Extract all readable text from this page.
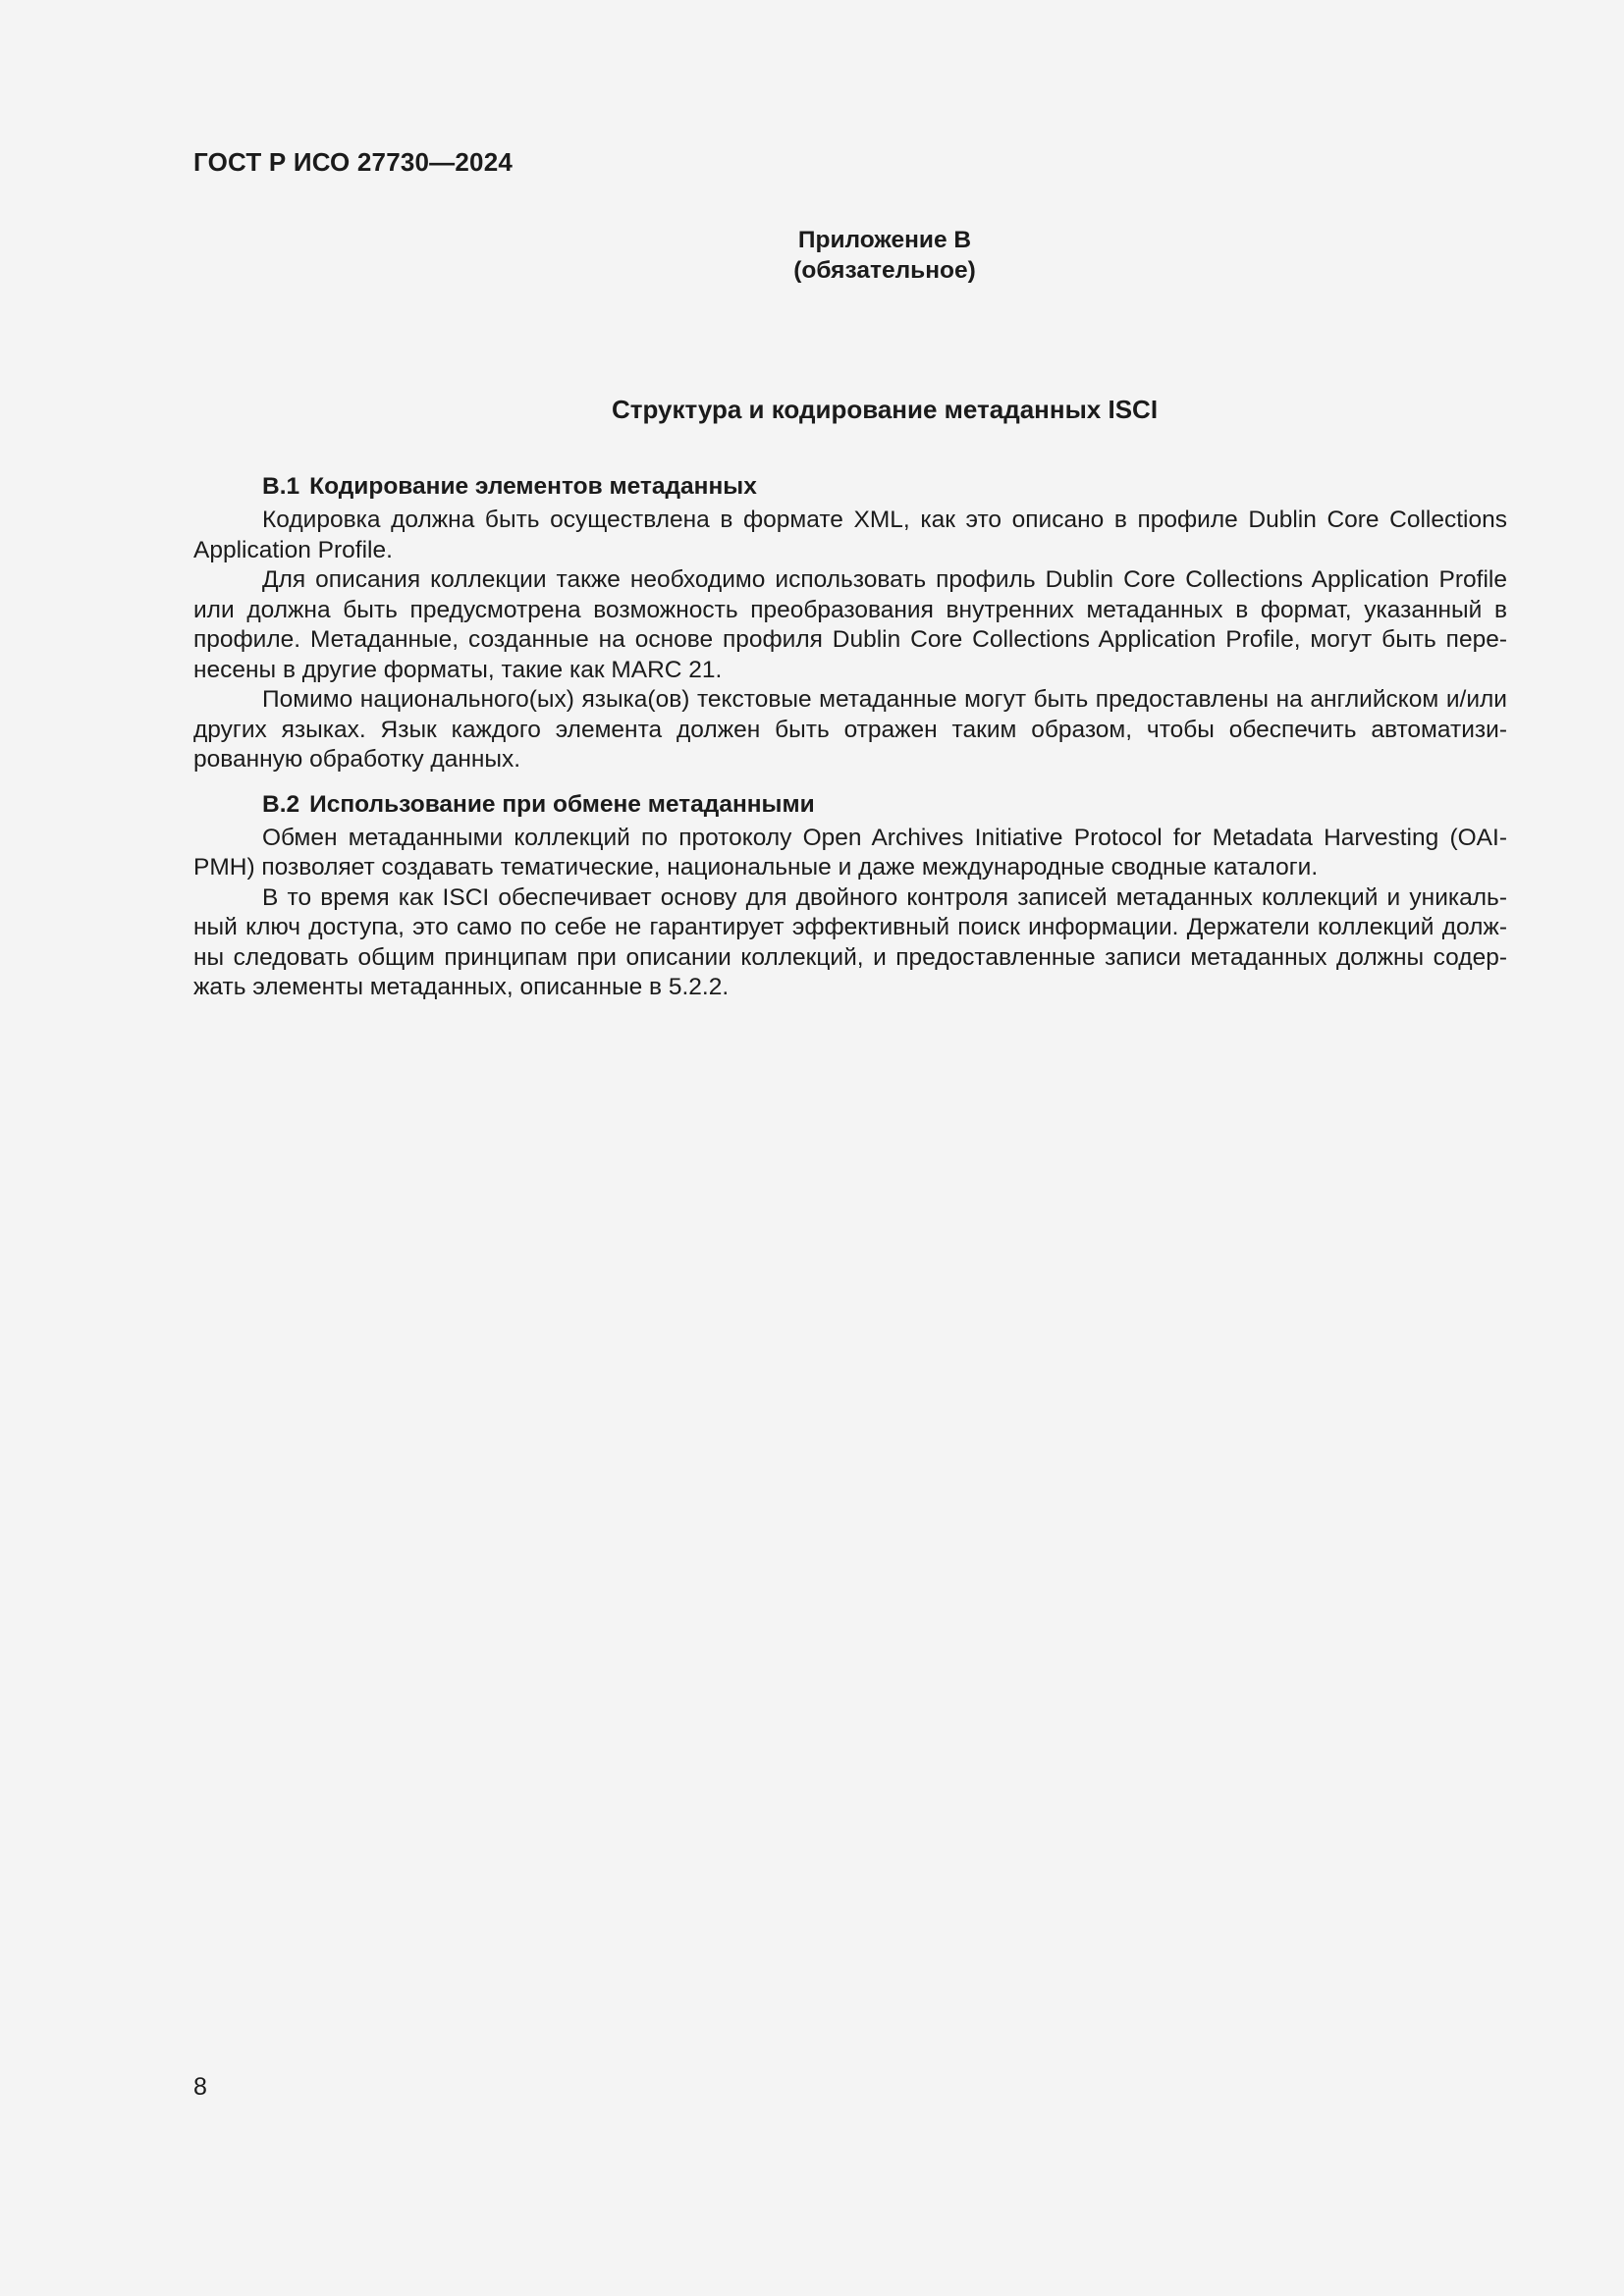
ГОСТ Р ИСО 27730—2024
Приложение В
(обязательное)
Структура и кодирование метаданных ISCI
В.1 Кодирование элементов метаданных

Кодировка должна быть осуществлена в формате XML, как это описано в профиле Dublin Core Collections Application Profile.

Для описания коллекции также необходимо использовать профиль Dublin Core Collections Application Profile или должна быть предусмотрена возможность преобразования внутренних метаданных в формат, указанный в профиле. Метаданные, созданные на основе профиля Dublin Core Collections Application Profile, могут быть перенесены в другие форматы, такие как MARC 21.

Помимо национального(ых) языка(ов) текстовые метаданные могут быть предоставлены на английском и/или других языках. Язык каждого элемента должен быть отражен таким образом, чтобы обеспечить автоматизированную обработку данных.

В.2 Использование при обмене метаданными

Обмен метаданными коллекций по протоколу Open Archives Initiative Protocol for Metadata Harvesting (OAI-PMH) позволяет создавать тематические, национальные и даже международные сводные каталоги.

В то время как ISCI обеспечивает основу для двойного контроля записей метаданных коллекций и уникальный ключ доступа, это само по себе не гарантирует эффективный поиск информации. Держатели коллекций должны следовать общим принципам при описании коллекций, и предоставленные записи метаданных должны содержать элементы метаданных, описанные в 5.2.2.

8
